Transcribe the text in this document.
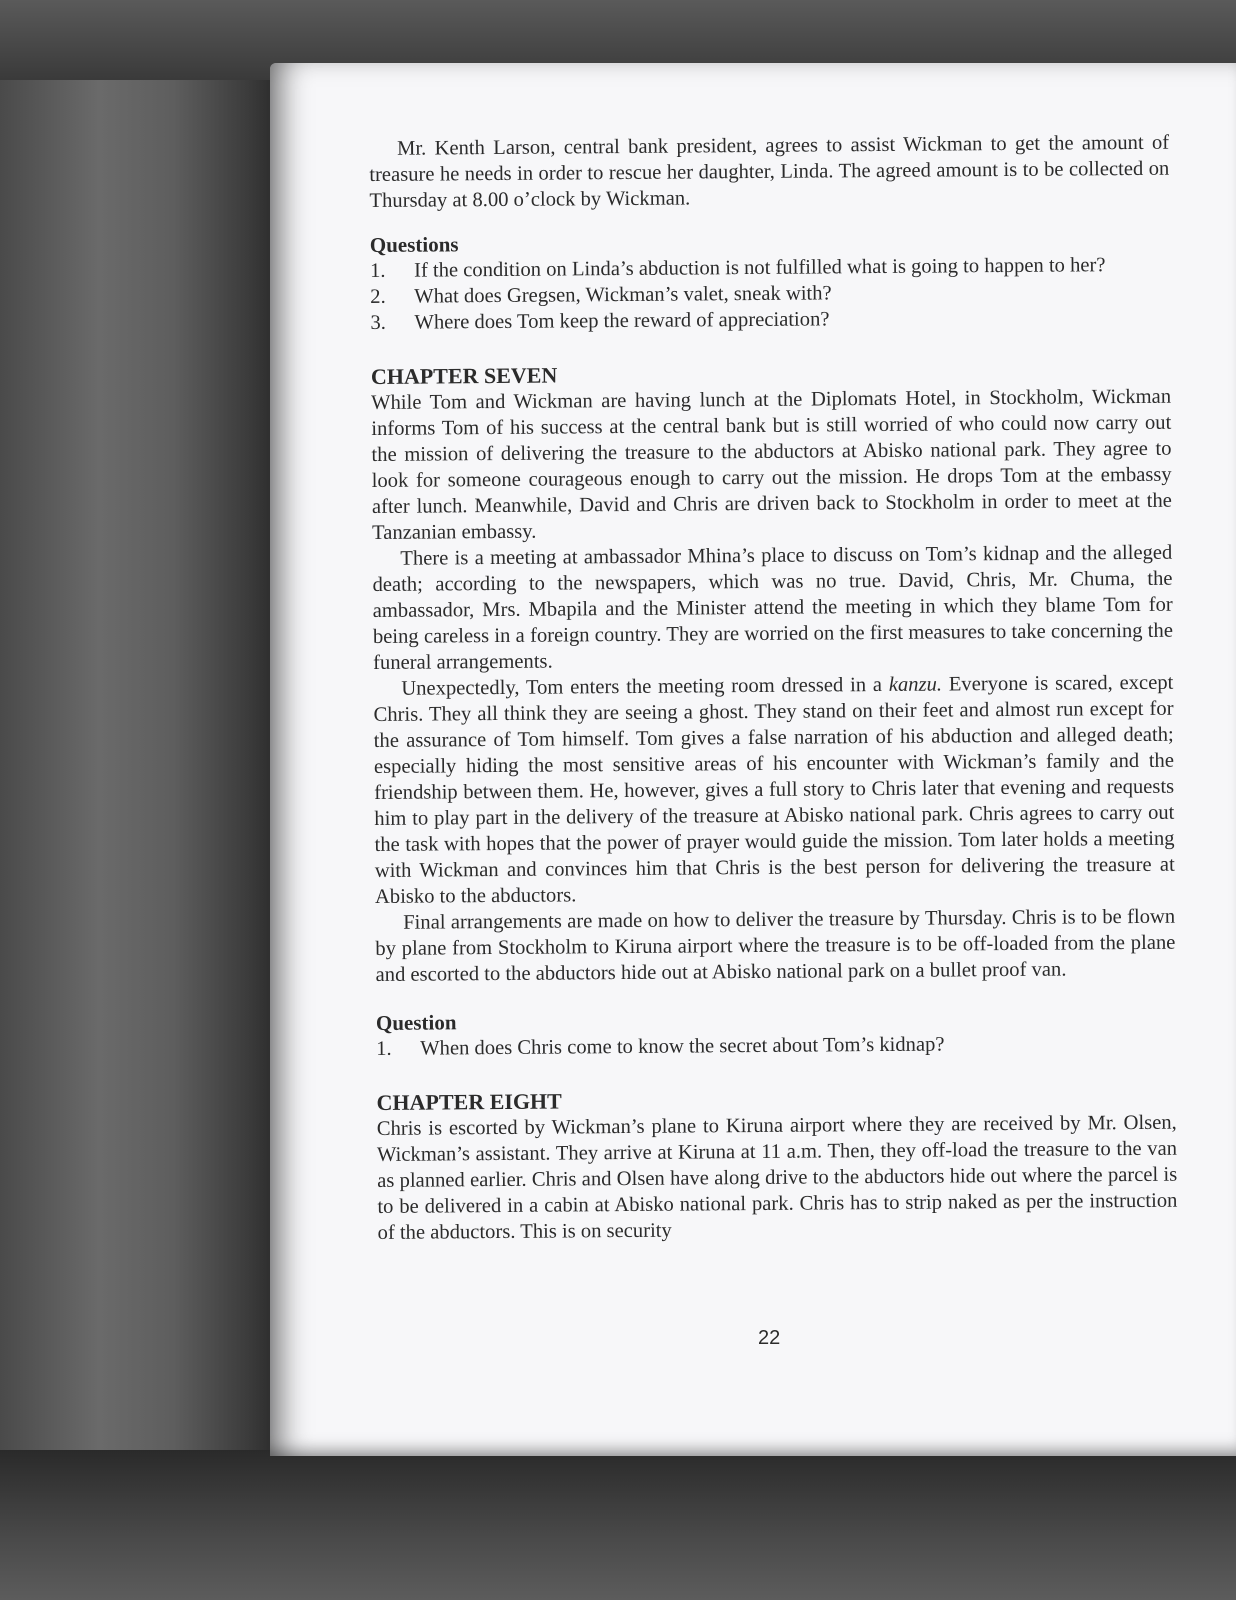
Mr. Kenth Larson, central bank president, agrees to assist Wickman to get the amount of treasure he needs in order to rescue her daughter, Linda. The agreed amount is to be collected on Thursday at 8.00 o’clock by Wickman.

Questions
1. If the condition on Linda’s abduction is not fulfilled what is going to happen to her?
2. What does Gregsen, Wickman’s valet, sneak with?
3. Where does Tom keep the reward of appreciation?
CHAPTER SEVEN

While Tom and Wickman are having lunch at the Diplomats Hotel, in Stockholm, Wickman informs Tom of his success at the central bank but is still worried of who could now carry out the mission of delivering the treasure to the abductors at Abisko national park. They agree to look for someone courageous enough to carry out the mission. He drops Tom at the embassy after lunch. Meanwhile, David and Chris are driven back to Stockholm in order to meet at the Tanzanian embassy.

There is a meeting at ambassador Mhina’s place to discuss on Tom’s kidnap and the alleged death; according to the newspapers, which was no true. David, Chris, Mr. Chuma, the ambassador, Mrs. Mbapila and the Minister attend the meeting in which they blame Tom for being careless in a foreign country. They are worried on the first measures to take concerning the funeral arrangements.

Unexpectedly, Tom enters the meeting room dressed in a kanzu. Everyone is scared, except Chris. They all think they are seeing a ghost. They stand on their feet and almost run except for the assurance of Tom himself. Tom gives a false narration of his abduction and alleged death; especially hiding the most sensitive areas of his encounter with Wickman’s family and the friendship between them. He, however, gives a full story to Chris later that evening and requests him to play part in the delivery of the treasure at Abisko national park. Chris agrees to carry out the task with hopes that the power of prayer would guide the mission. Tom later holds a meeting with Wickman and convinces him that Chris is the best person for delivering the treasure at Abisko to the abductors.

Final arrangements are made on how to deliver the treasure by Thursday. Chris is to be flown by plane from Stockholm to Kiruna airport where the treasure is to be off-loaded from the plane and escorted to the abductors hide out at Abisko national park on a bullet proof van.

Question
1. When does Chris come to know the secret about Tom’s kidnap?
CHAPTER EIGHT

Chris is escorted by Wickman’s plane to Kiruna airport where they are received by Mr. Olsen, Wickman’s assistant. They arrive at Kiruna at 11 a.m. Then, they off-load the treasure to the van as planned earlier. Chris and Olsen have along drive to the abductors hide out where the parcel is to be delivered in a cabin at Abisko national park. Chris has to strip naked as per the instruction of the abductors. This is on security

22
